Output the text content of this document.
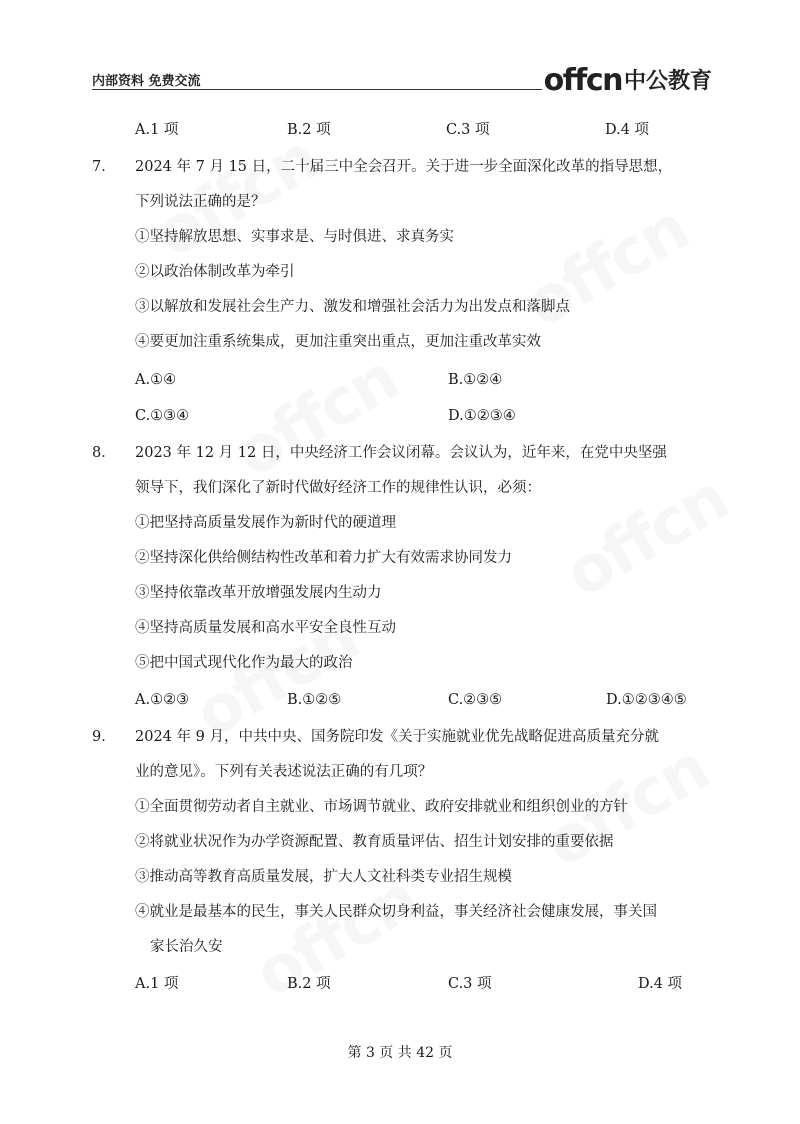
内部资料 免费交流	offcn 中公教育
A.1 项	B.2 项	C.3 项	D.4 项
7． 2024 年 7 月 15 日，二十届三中全会召开。关于进一步全面深化改革的指导思想，
下列说法正确的是？
①坚持解放思想、实事求是、与时俱进、求真务实
②以政治体制改革为牵引
③以解放和发展社会生产力、激发和增强社会活力为出发点和落脚点
④要更加注重系统集成，更加注重突出重点，更加注重改革实效
A.①④	B.①②④
C.①③④	D.①②③④
8． 2023 年 12 月 12 日，中央经济工作会议闭幕。会议认为，近年来，在党中央坚强
领导下，我们深化了新时代做好经济工作的规律性认识，必须：
①把坚持高质量发展作为新时代的硬道理
②坚持深化供给侧结构性改革和着力扩大有效需求协同发力
③坚持依靠改革开放增强发展内生动力
④坚持高质量发展和高水平安全良性互动
⑤把中国式现代化作为最大的政治
A.①②③	B.①②⑤	C.②③⑤	D.①②③④⑤
9． 2024 年 9 月，中共中央、国务院印发《关于实施就业优先战略促进高质量充分就
业的意见》。下列有关表述说法正确的有几项？
①全面贯彻劳动者自主就业、市场调节就业、政府安排就业和组织创业的方针
②将就业状况作为办学资源配置、教育质量评估、招生计划安排的重要依据
③推动高等教育高质量发展，扩大人文社科类专业招生规模
④就业是最基本的民生，事关人民群众切身利益，事关经济社会健康发展，事关国
家长治久安
A.1 项	B.2 项	C.3 项	D.4 项
第 3 页 共 42 页
